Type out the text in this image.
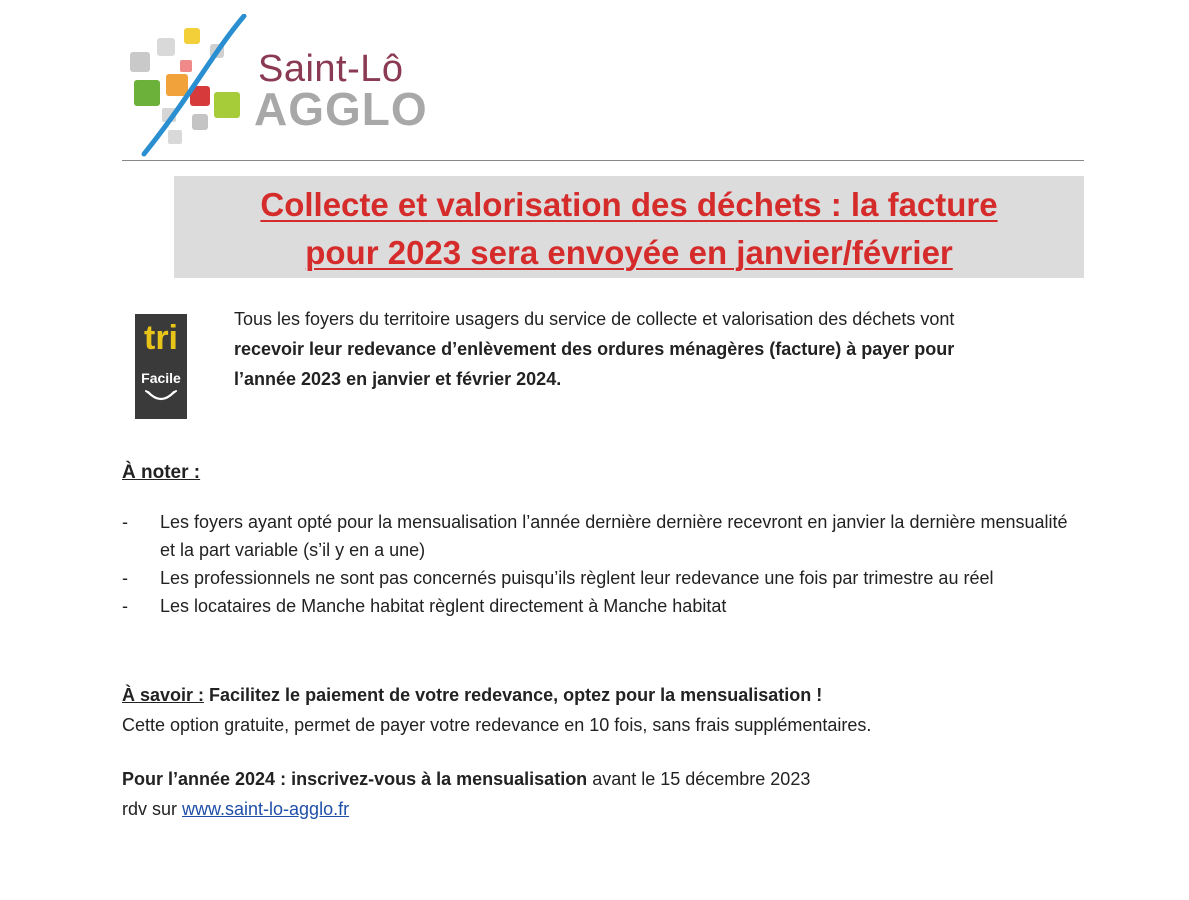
Saint-Lô
AGGLO
Collecte et valorisation des déchets : la facture
pour 2023 sera envoyée en janvier/février
tri
Facile

Tous les foyers du territoire usagers du service de collecte et valorisation des déchets vont

recevoir leur redevance d’enlèvement des ordures ménagères (facture) à payer pour

l’année 2023 en janvier et février 2024.

À noter :
- Les foyers ayant opté pour la mensualisation l’année dernière dernière recevront en janvier la dernière mensualité et la part variable (s’il y en a une)
- Les professionnels ne sont pas concernés puisqu’ils règlent leur redevance une fois par trimestre au réel
- Les locataires de Manche habitat règlent directement à Manche habitat

À savoir : Facilitez le paiement de votre redevance, optez pour la mensualisation !

Cette option gratuite, permet de payer votre redevance en 10 fois, sans frais supplémentaires.

Pour l’année 2024 : inscrivez-vous à la mensualisation avant le 15 décembre 2023

rdv sur www.saint-lo-agglo.fr
